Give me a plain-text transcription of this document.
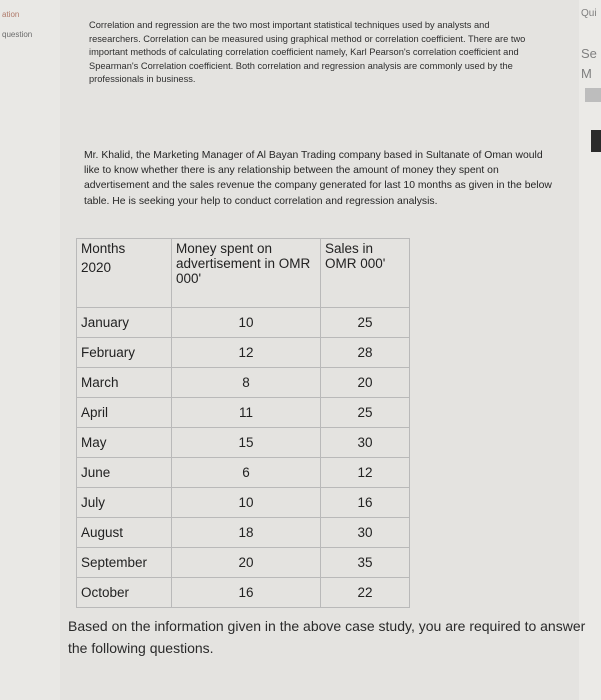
ation
question
Qui
Se
M
Correlation and regression are the two most important statistical techniques used by analysts and researchers. Correlation can be measured using graphical method or correlation coefficient. There are two important methods of calculating correlation coefficient namely, Karl Pearson's correlation coefficient and Spearman's Correlation coefficient. Both correlation and regression analysis are commonly used by the professionals in business.
Mr. Khalid, the Marketing Manager of Al Bayan Trading company based in Sultanate of Oman would like to know whether there is any relationship between the amount of money they spent on advertisement and the sales revenue the company generated for last 10 months as given in the below table. He is seeking your help to conduct correlation and regression analysis.
Months
2020	Money spent on advertisement in OMR 000'	Sales in OMR 000'
January	10	25
February	12	28
March	8	20
April	11	25
May	15	30
June	6	12
July	10	16
August	18	30
September	20	35
October	16	22
Based on the information given in the above case study, you are required to answer the following questions.
